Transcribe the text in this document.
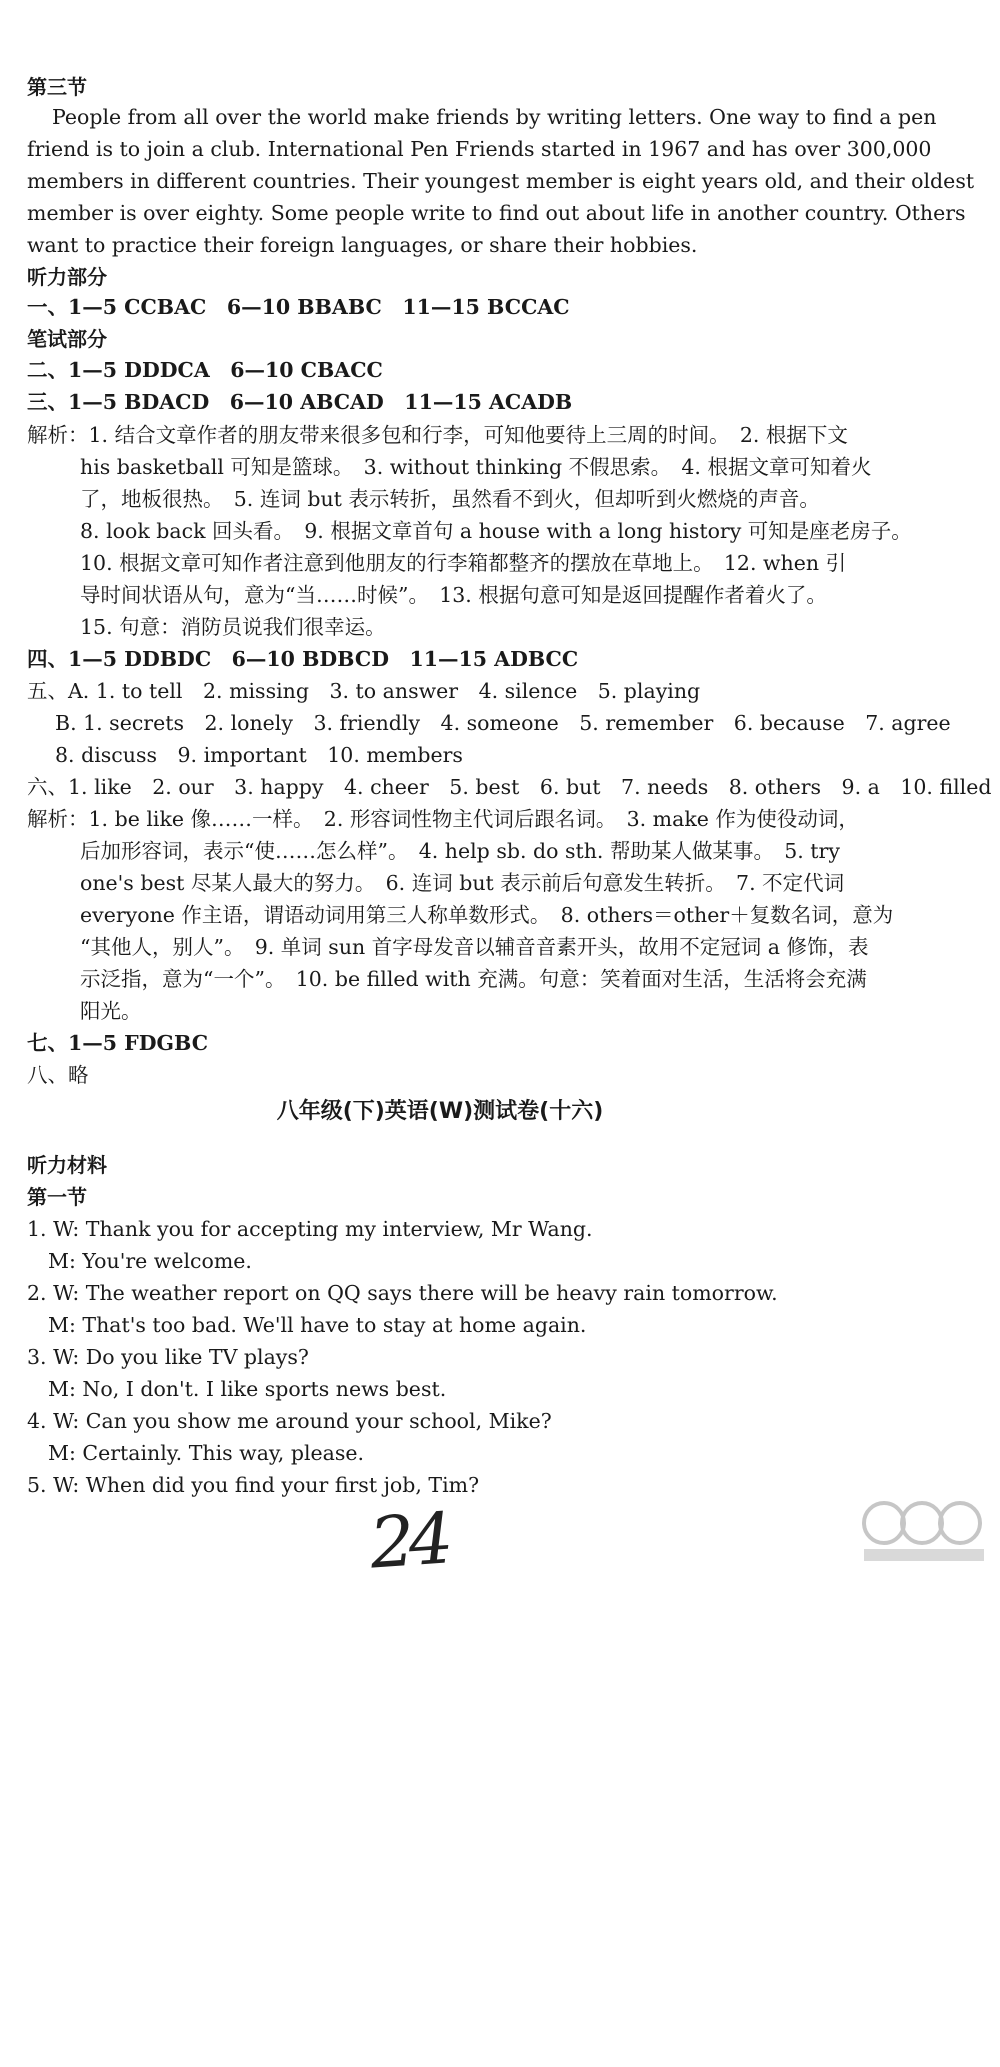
第三节
People from all over the world make friends by writing letters. One way to find a pen
friend is to join a club. International Pen Friends started in 1967 and has over 300,000
members in different countries. Their youngest member is eight years old, and their oldest
member is over eighty. Some people write to find out about life in another country. Others
want to practice their foreign languages, or share their hobbies.
听力部分
一、1—5 CCBAC　6—10 BBABC　11—15 BCCAC
笔试部分
二、1—5 DDDCA　6—10 CBACC
三、1—5 BDACD　6—10 ABCAD　11—15 ACADB
解析：1. 结合文章作者的朋友带来很多包和行李，可知他要待上三周的时间。　2. 根据下文
his basketball 可知是篮球。　3. without thinking 不假思索。　4. 根据文章可知着火
了，地板很热。　5. 连词 but 表示转折，虽然看不到火，但却听到火燃烧的声音。
8. look back 回头看。　9. 根据文章首句 a house with a long history 可知是座老房子。
10. 根据文章可知作者注意到他朋友的行李箱都整齐的摆放在草地上。　12. when 引
导时间状语从句，意为“当……时候”。　13. 根据句意可知是返回提醒作者着火了。
15. 句意：消防员说我们很幸运。
四、1—5 DDBDC　6—10 BDBCD　11—15 ADBCC
五、A. 1. to tell　2. missing　3. to answer　4. silence　5. playing
B. 1. secrets　2. lonely　3. friendly　4. someone　5. remember　6. because　7. agree
8. discuss　9. important　10. members
六、1. like　2. our　3. happy　4. cheer　5. best　6. but　7. needs　8. others　9. a　10. filled
解析：1. be like 像……一样。　2. 形容词性物主代词后跟名词。　3. make 作为使役动词，
后加形容词，表示“使……怎么样”。　4. help sb. do sth. 帮助某人做某事。　5. try
one's best 尽某人最大的努力。　6. 连词 but 表示前后句意发生转折。　7. 不定代词
everyone 作主语，谓语动词用第三人称单数形式。　8. others＝other＋复数名词，意为
“其他人，别人”。　9. 单词 sun 首字母发音以辅音音素开头，故用不定冠词 a 修饰，表
示泛指，意为“一个”。　10. be filled with 充满。句意：笑着面对生活，生活将会充满
阳光。
七、1—5 FDGBC
八、略
八年级(下)英语(W)测试卷(十六)
听力材料
第一节
1. W: Thank you for accepting my interview, Mr Wang.
M: You're welcome.
2. W: The weather report on QQ says there will be heavy rain tomorrow.
M: That's too bad. We'll have to stay at home again.
3. W: Do you like TV plays?
M: No, I don't. I like sports news best.
4. W: Can you show me around your school, Mike?
M: Certainly. This way, please.
5. W: When did you find your first job, Tim?
24
